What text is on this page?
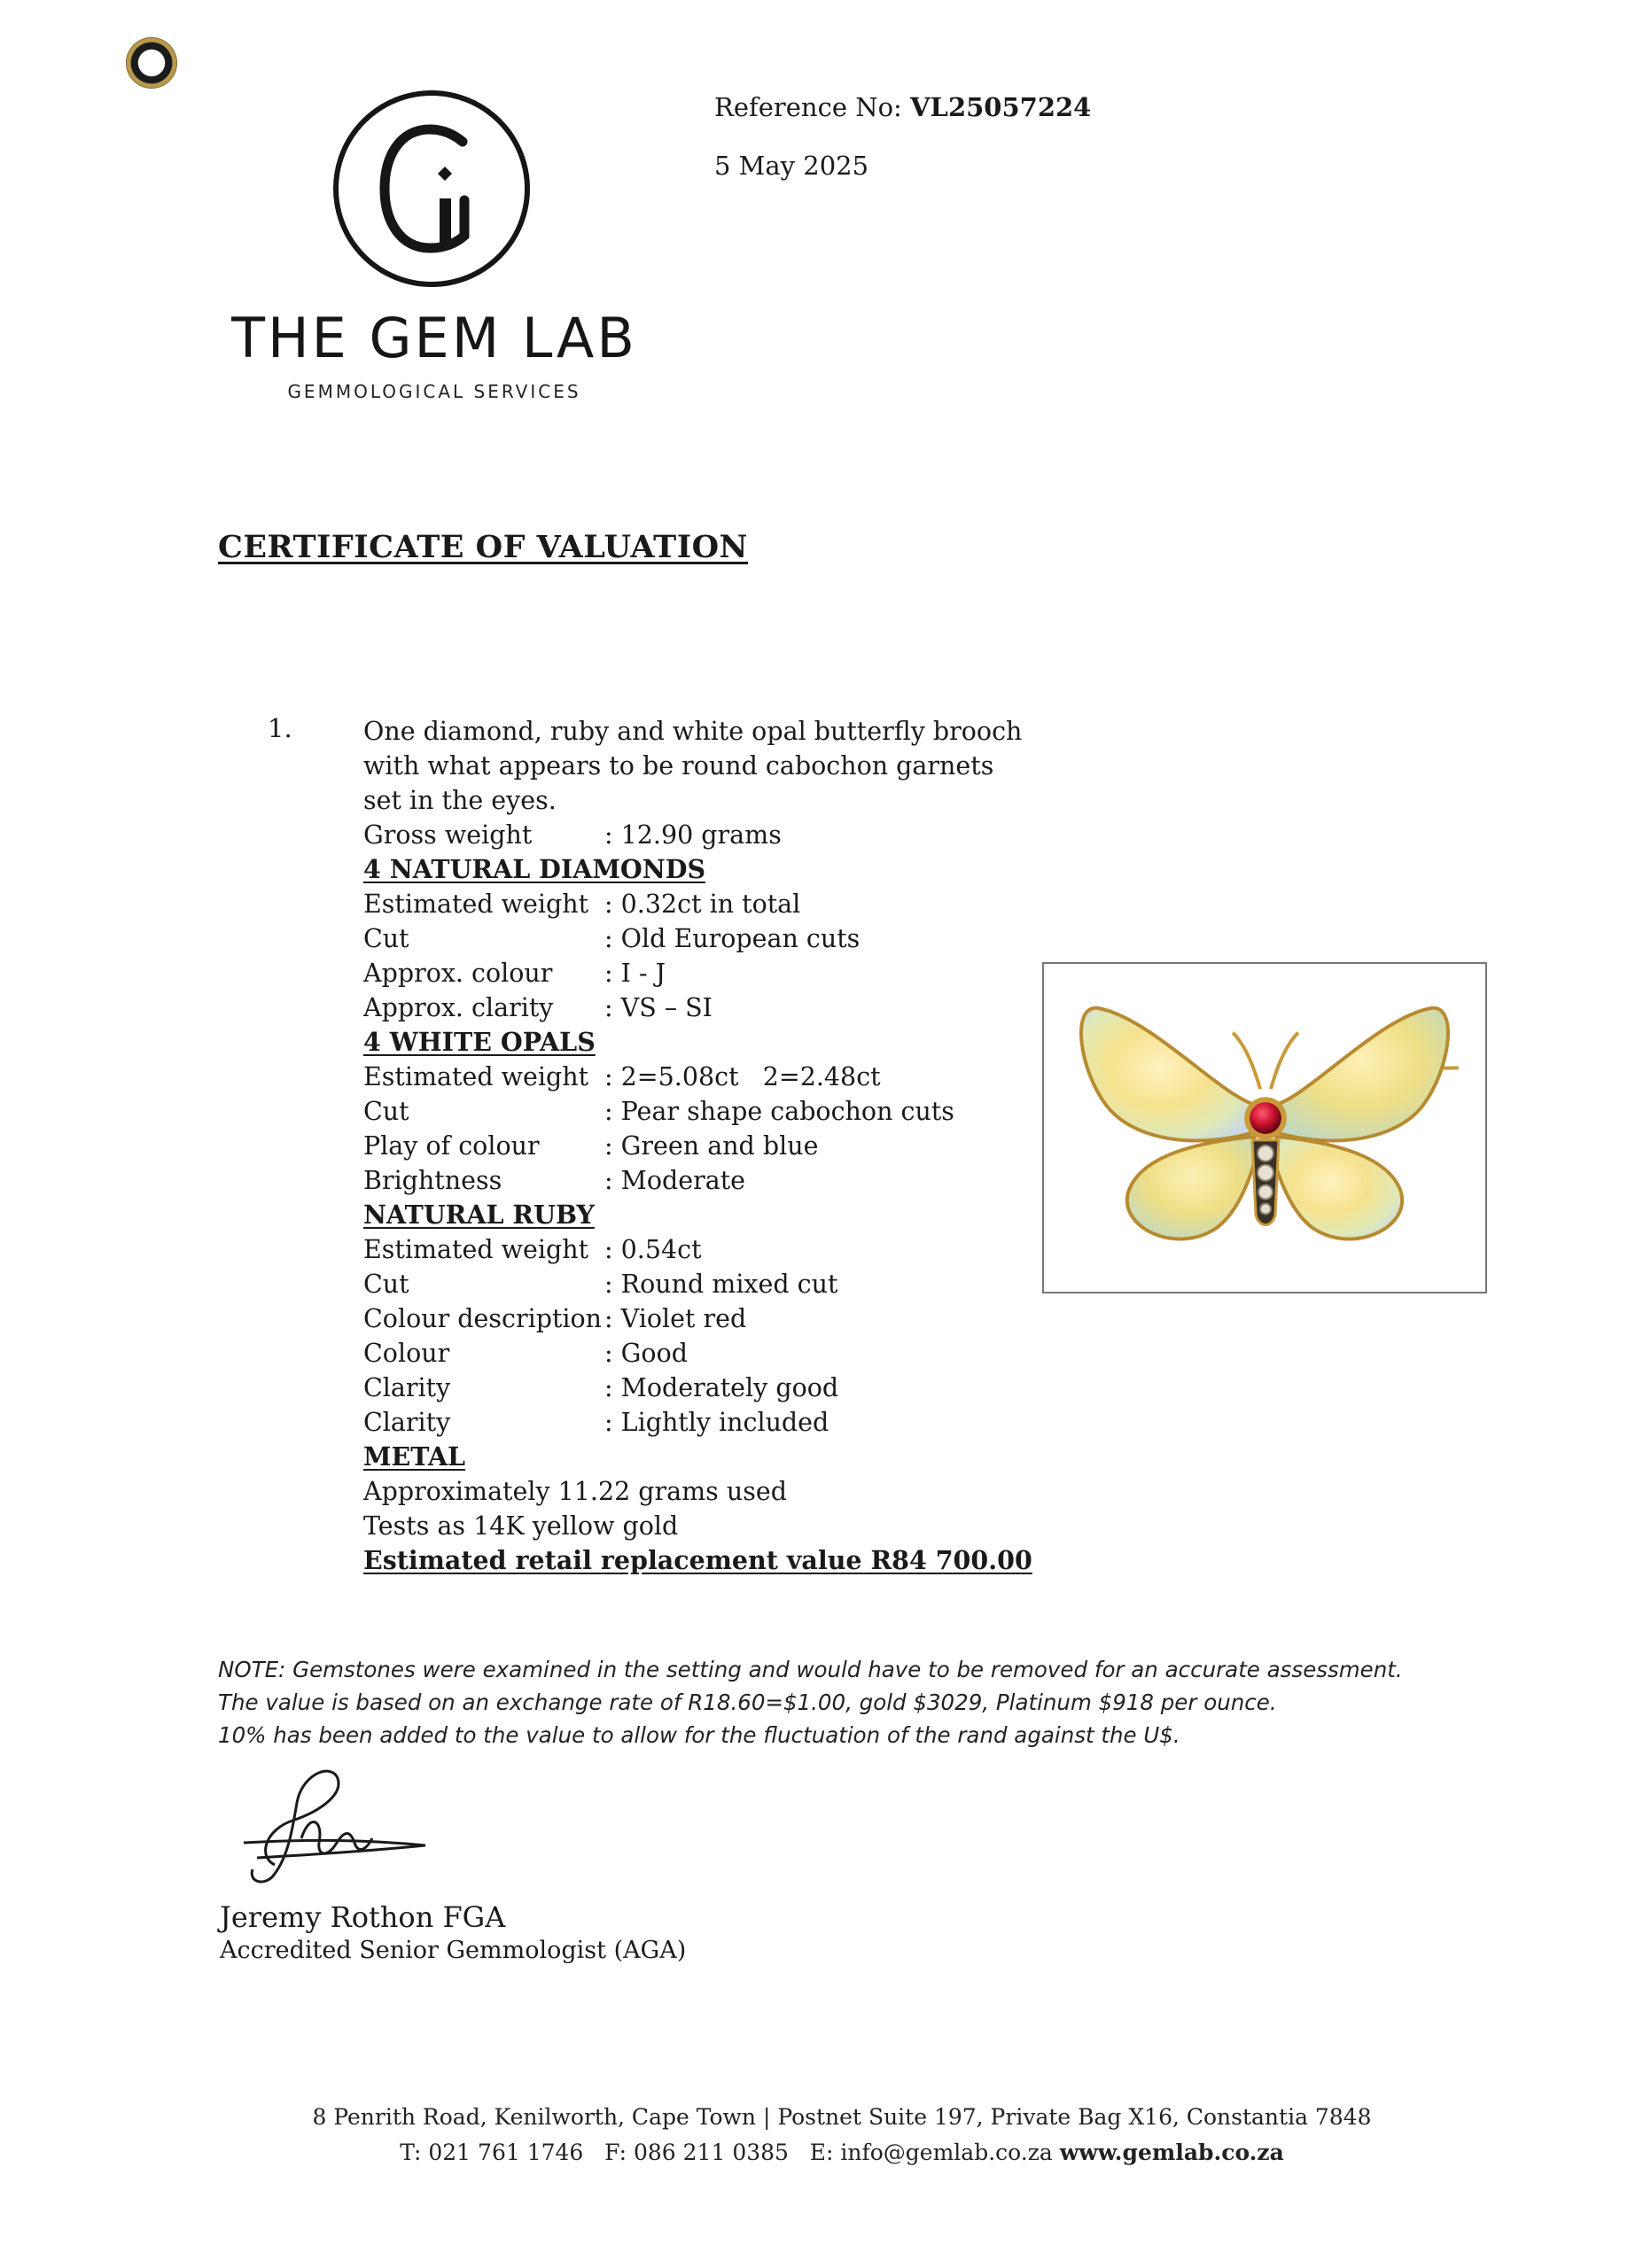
THE GEM LAB
GEMMOLOGICAL SERVICES
Reference No: VL25057224
5 May 2025
CERTIFICATE OF VALUATION
1.	One diamond, ruby and white opal butterfly brooch
with what appears to be round cabochon garnets
set in the eyes.
Gross weight	: 12.90 grams
4 NATURAL DIAMONDS
Estimated weight : 0.32ct in total
Cut	: Old European cuts
Approx. colour : I - J
Approx. clarity : VS – SI
4 WHITE OPALS
Estimated weight : 2=5.08ct   2=2.48ct
Cut	: Pear shape cabochon cuts
Play of colour	: Green and blue
Brightness	: Moderate
NATURAL RUBY
Estimated weight : 0.54ct
Cut	: Round mixed cut
Colour description : Violet red
Colour	: Good
Clarity	: Moderately good
Clarity	: Lightly included
METAL
Approximately 11.22 grams used
Tests as 14K yellow gold
Estimated retail replacement value R84 700.00
NOTE: Gemstones were examined in the setting and would have to be removed for an accurate assessment.
The value is based on an exchange rate of R18.60=$1.00, gold $3029, Platinum $918 per ounce.
10% has been added to the value to allow for the fluctuation of the rand against the U$.
Jeremy Rothon FGA
Accredited Senior Gemmologist (AGA)
8 Penrith Road, Kenilworth, Cape Town | Postnet Suite 197, Private Bag X16, Constantia 7848
T: 021 761 1746   F: 086 211 0385   E: info@gemlab.co.za www.gemlab.co.za
